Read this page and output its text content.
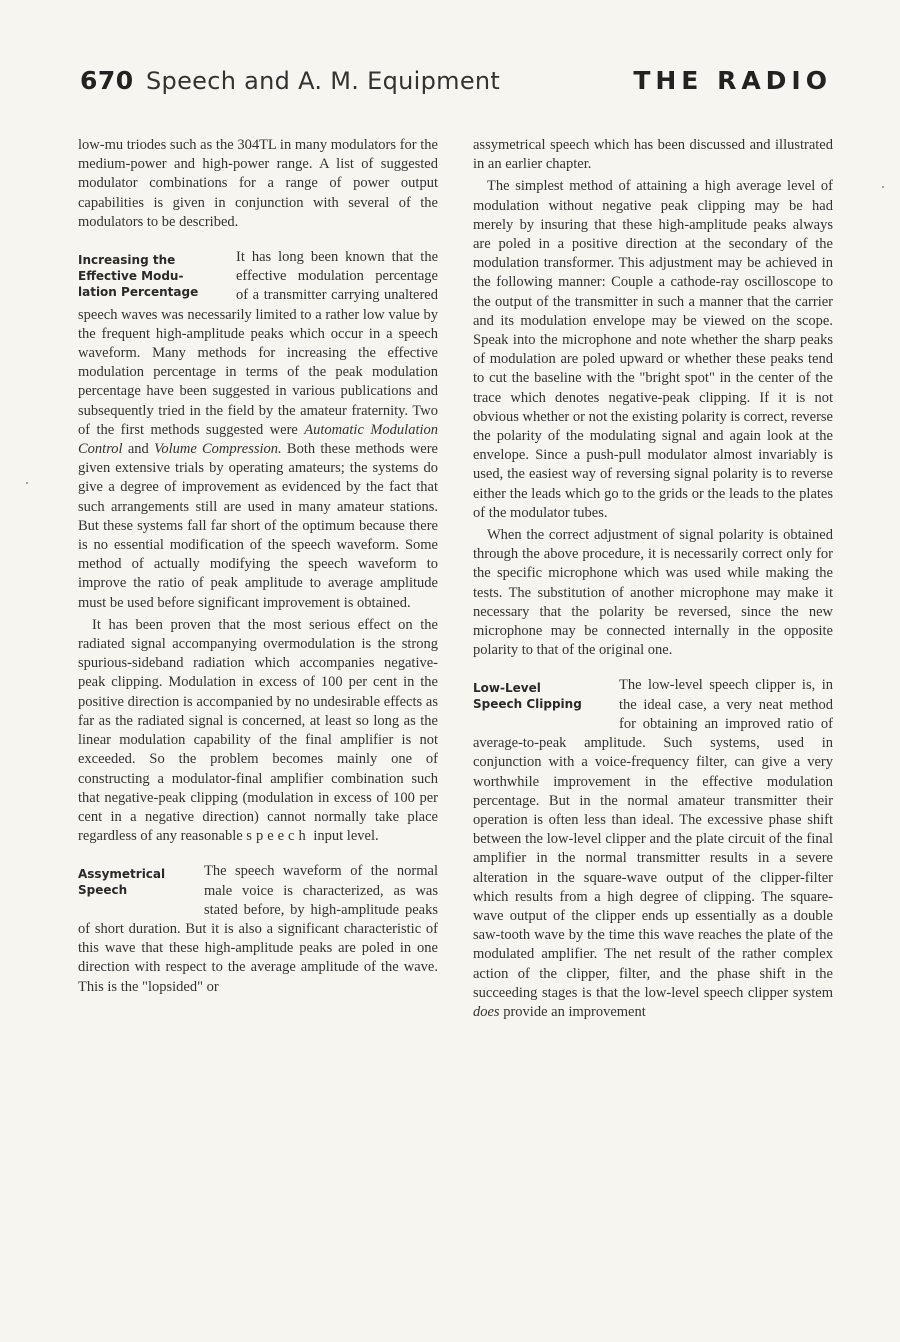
670 Speech and A. M. Equipment	THE RADIO

low-mu triodes such as the 304TL in many modulators for the medium-power and high-power range. A list of suggested modulator combinations for a range of power output capabilities is given in conjunction with several of the modulators to be described.

Increasing the
Effective Modu-
lation Percentage

It has long been known that the effective modulation percentage of a transmitter carrying unaltered speech waves was necessarily limited to a rather low value by the frequent high-amplitude peaks which occur in a speech waveform. Many methods for increasing the effective modulation percentage in terms of the peak modulation percentage have been suggested in various publications and subsequently tried in the field by the amateur fraternity. Two of the first methods suggested were Automatic Modulation Control and Volume Compression. Both these methods were given extensive trials by operating amateurs; the systems do give a degree of improvement as evidenced by the fact that such arrangements still are used in many amateur stations. But these systems fall far short of the optimum because there is no essential modification of the speech waveform. Some method of actually modifying the speech waveform to improve the ratio of peak amplitude to average amplitude must be used before significant improvement is obtained.

It has been proven that the most serious effect on the radiated signal accompanying overmodulation is the strong spurious-sideband radiation which accompanies negative-peak clipping. Modulation in excess of 100 per cent in the positive direction is accompanied by no undesirable effects as far as the radiated signal is concerned, at least so long as the linear modulation capability of the final amplifier is not exceeded. So the problem becomes mainly one of constructing a modulator-final amplifier combination such that negative-peak clipping (modulation in excess of 100 per cent in a negative direction) cannot normally take place regardless of any reasonable speech input level.

Assymetrical
Speech

The speech waveform of the normal male voice is characterized, as was stated before, by high-amplitude peaks of short duration. But it is also a significant characteristic of this wave that these high-amplitude peaks are poled in one direction with respect to the average amplitude of the wave. This is the "lopsided" or

assymetrical speech which has been discussed and illustrated in an earlier chapter.

The simplest method of attaining a high average level of modulation without negative peak clipping may be had merely by insuring that these high-amplitude peaks always are poled in a positive direction at the secondary of the modulation transformer. This adjustment may be achieved in the following manner: Couple a cathode-ray oscilloscope to the output of the transmitter in such a manner that the carrier and its modulation envelope may be viewed on the scope. Speak into the microphone and note whether the sharp peaks of modulation are poled upward or whether these peaks tend to cut the baseline with the "bright spot" in the center of the trace which denotes negative-peak clipping. If it is not obvious whether or not the existing polarity is correct, reverse the polarity of the modulating signal and again look at the envelope. Since a push-pull modulator almost invariably is used, the easiest way of reversing signal polarity is to reverse either the leads which go to the grids or the leads to the plates of the modulator tubes.

When the correct adjustment of signal polarity is obtained through the above procedure, it is necessarily correct only for the specific microphone which was used while making the tests. The substitution of another microphone may make it necessary that the polarity be reversed, since the new microphone may be connected internally in the opposite polarity to that of the original one.

Low-Level
Speech Clipping

The low-level speech clipper is, in the ideal case, a very neat method for obtaining an improved ratio of average-to-peak amplitude. Such systems, used in conjunction with a voice-frequency filter, can give a very worthwhile improvement in the effective modulation percentage. But in the normal amateur transmitter their operation is often less than ideal. The excessive phase shift between the low-level clipper and the plate circuit of the final amplifier in the normal transmitter results in a severe alteration in the square-wave output of the clipper-filter which results from a high degree of clipping. The square-wave output of the clipper ends up essentially as a double saw-tooth wave by the time this wave reaches the plate of the modulated amplifier. The net result of the rather complex action of the clipper, filter, and the phase shift in the succeeding stages is that the low-level speech clipper system does provide an improvement
